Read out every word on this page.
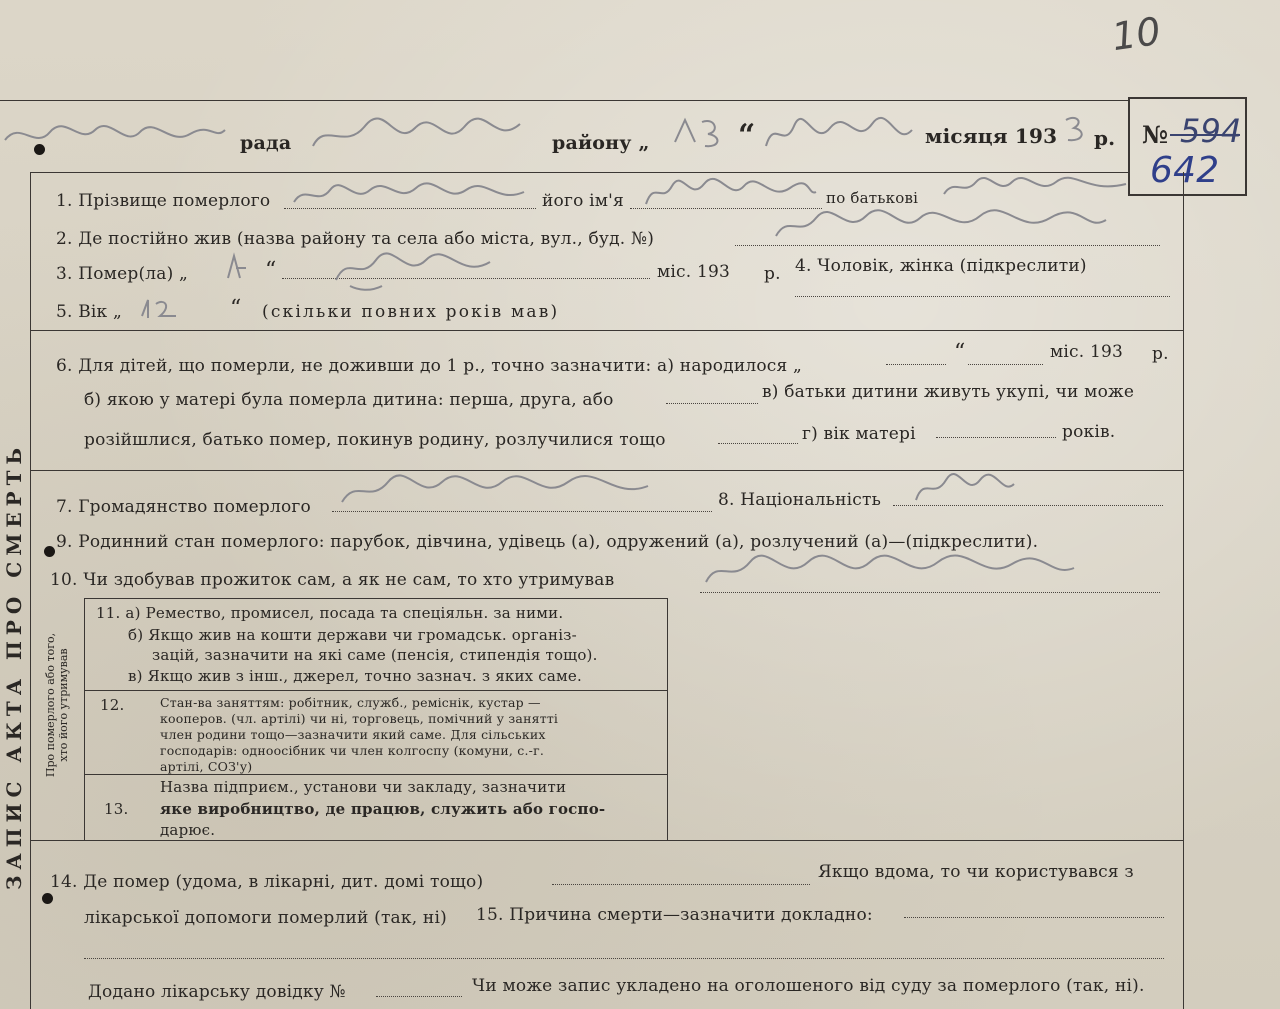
10
рада	району „	“	місяця 193 р. № 594
642
ЗАПИС АКТА ПРО СМЕРТЬ
1. Прізвище померлого	його ім'я	по батькові
2. Де постійно жив (назва району та села або міста, вул., буд. №)
3. Помер(ла) „	“	міс. 193 р. 4. Чоловік, жінка (підкреслити)
5. Вік „	“ (скільки повних років мав)
6. Для дітей, що померли, не доживши до 1 р., точно зазначити: а) народилося „
“	міс. 193 р.
б) якою у матері була померла дитина: перша, друга, або	в) батьки дитини живуть укупі, чи може
розійшлися, батько помер, покинув родину, розлучилися тощо	г) вік матері	років.
7. Громадянство померлого	8. Національність
9. Родинний стан померлого: парубок, дівчина, удівець (а), одружений (а), розлучений (а)—(підкреслити).
10. Чи здобував прожиток сам, а як не сам, то хто утримував
Про померлого або того, хто його утримував
11. а) Ремество, промисел, посада та спеціяльн. за ними.
б) Якщо жив на кошти держави чи громадськ. організ-
зацій, зазначити на які саме (пенсія, стипендія тощо).
в) Якщо жив з інш., джерел, точно зазнач. з яких саме.
12.	Стан-ва заняттям: робітник, служб., реміснік, кустар —
кооперов. (чл. артілі) чи ні, торговець, помічний у занятті
член родини тощо—зазначити який саме. Для сільських
господарів: одноосібник чи член колгоспу (комуни, с.-г.
артілі, СОЗ'у)
13.
Назва підприєм., установи чи закладу, зазначити
яке виробництво, де працюв, служить або госпо-
дарює.
14. Де помер (удома, в лікарні, дит. домі тощо)	Якщо вдома, то чи користувався з
лікарської допомоги померлий (так, ні) 15. Причина смерти—зазначити докладно:
Додано лікарську довідку №	Чи може запис укладено на оголошеного від суду за померлого (так, ні).
